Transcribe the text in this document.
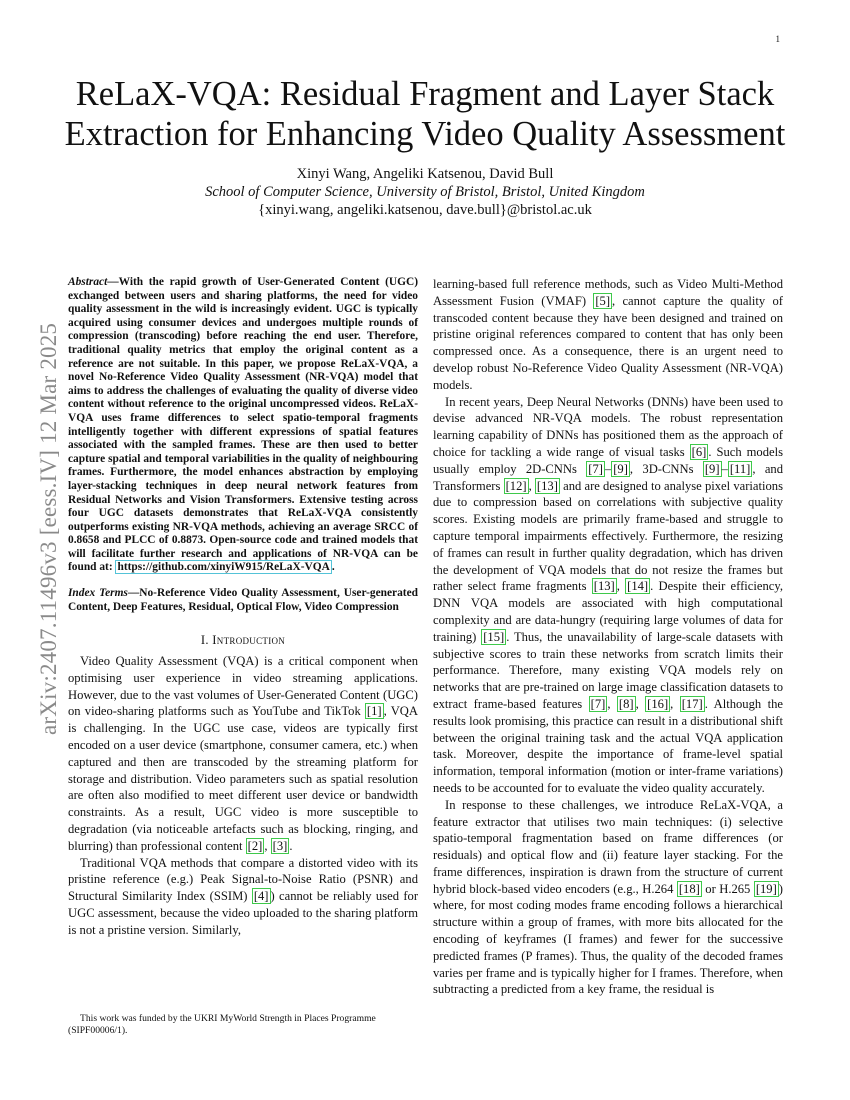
1
arXiv:2407.11496v3 [eess.IV] 12 Mar 2025
ReLaX-VQA: Residual Fragment and Layer Stack
Extraction for Enhancing Video Quality Assessment
Xinyi Wang, Angeliki Katsenou, David Bull
School of Computer Science, University of Bristol, Bristol, United Kingdom
{xinyi.wang, angeliki.katsenou, dave.bull}@bristol.ac.uk
Abstract—With the rapid growth of User-Generated Content (UGC) exchanged between users and sharing platforms, the need for video quality assessment in the wild is increasingly evident. UGC is typically acquired using consumer devices and undergoes multiple rounds of compression (transcoding) before reaching the end user. Therefore, traditional quality metrics that employ the original content as a reference are not suitable. In this paper, we propose ReLaX-VQA, a novel No-Reference Video Quality Assessment (NR-VQA) model that aims to address the challenges of evaluating the quality of diverse video content without reference to the original uncompressed videos. ReLaX-VQA uses frame differences to select spatio-temporal fragments intelligently together with different expressions of spatial features associated with the sampled frames. These are then used to better capture spatial and temporal variabilities in the quality of neighbouring frames. Furthermore, the model enhances abstraction by employing layer-stacking techniques in deep neural network features from Residual Networks and Vision Transformers. Extensive testing across four UGC datasets demonstrates that ReLaX-VQA consistently outperforms existing NR-VQA methods, achieving an average SRCC of 0.8658 and PLCC of 0.8873. Open-source code and trained models that will facilitate further research and applications of NR-VQA can be found at: https://github.com/xinyiW915/ReLaX-VQA .
Index Terms—No-Reference Video Quality Assessment, User-generated Content, Deep Features, Residual, Optical Flow, Video Compression
I. Introduction

Video Quality Assessment (VQA) is a critical component when optimising user experience in video streaming applications. However, due to the vast volumes of User-Generated Content (UGC) on video-sharing platforms such as YouTube and TikTok [1] , VQA is challenging. In the UGC use case, videos are typically first encoded on a user device (smartphone, consumer camera, etc.) when captured and then are transcoded by the streaming platform for storage and distribution. Video parameters such as spatial resolution are often also modified to meet different user device or bandwidth constraints. As a result, UGC video is more susceptible to degradation (via noticeable artefacts such as blocking, ringing, and blurring) than professional content [2] , [3] .

Traditional VQA methods that compare a distorted video with its pristine reference (e.g.) Peak Signal-to-Noise Ratio (PSNR) and Structural Similarity Index (SSIM) [4] ) cannot be reliably used for UGC assessment, because the video uploaded to the sharing platform is not a pristine version. Similarly,

learning-based full reference methods, such as Video Multi-Method Assessment Fusion (VMAF) [5] , cannot capture the quality of transcoded content because they have been designed and trained on pristine original references compared to content that has only been compressed once. As a consequence, there is an urgent need to develop robust No-Reference Video Quality Assessment (NR-VQA) models.

In recent years, Deep Neural Networks (DNNs) have been used to devise advanced NR-VQA models. The robust representation learning capability of DNNs has positioned them as the approach of choice for tackling a wide range of visual tasks [6] . Such models usually employ 2D-CNNs [7] – [9] , 3D-CNNs [9] – [11] , and Transformers [12] , [13] and are designed to analyse pixel variations due to compression based on correlations with subjective quality scores. Existing models are primarily frame-based and struggle to capture temporal impairments effectively. Furthermore, the resizing of frames can result in further quality degradation, which has driven the development of VQA models that do not resize the frames but rather select frame fragments [13] , [14] . Despite their efficiency, DNN VQA models are associated with high computational complexity and are data-hungry (requiring large volumes of data for training) [15] . Thus, the unavailability of large-scale datasets with subjective scores to train these networks from scratch limits their performance. Therefore, many existing VQA models rely on networks that are pre-trained on large image classification datasets to extract frame-based features [7] , [8] , [16] , [17] . Although the results look promising, this practice can result in a distributional shift between the original training task and the actual VQA application task. Moreover, despite the importance of frame-level spatial information, temporal information (motion or inter-frame variations) needs to be accounted for to evaluate the video quality accurately.

In response to these challenges, we introduce ReLaX-VQA, a feature extractor that utilises two main techniques: (i) selective spatio-temporal fragmentation based on frame differences (or residuals) and optical flow and (ii) feature layer stacking. For the frame differences, inspiration is drawn from the structure of current hybrid block-based video encoders (e.g., H.264 [18] or H.265 [19] ) where, for most coding modes frame encoding follows a hierarchical structure within a group of frames, with more bits allocated for the encoding of keyframes (I frames) and fewer for the successive predicted frames (P frames). Thus, the quality of the decoded frames varies per frame and is typically higher for I frames. Therefore, when subtracting a predicted from a key frame, the residual is

This work was funded by the UKRI MyWorld Strength in Places Programme (SIPF00006/1).
